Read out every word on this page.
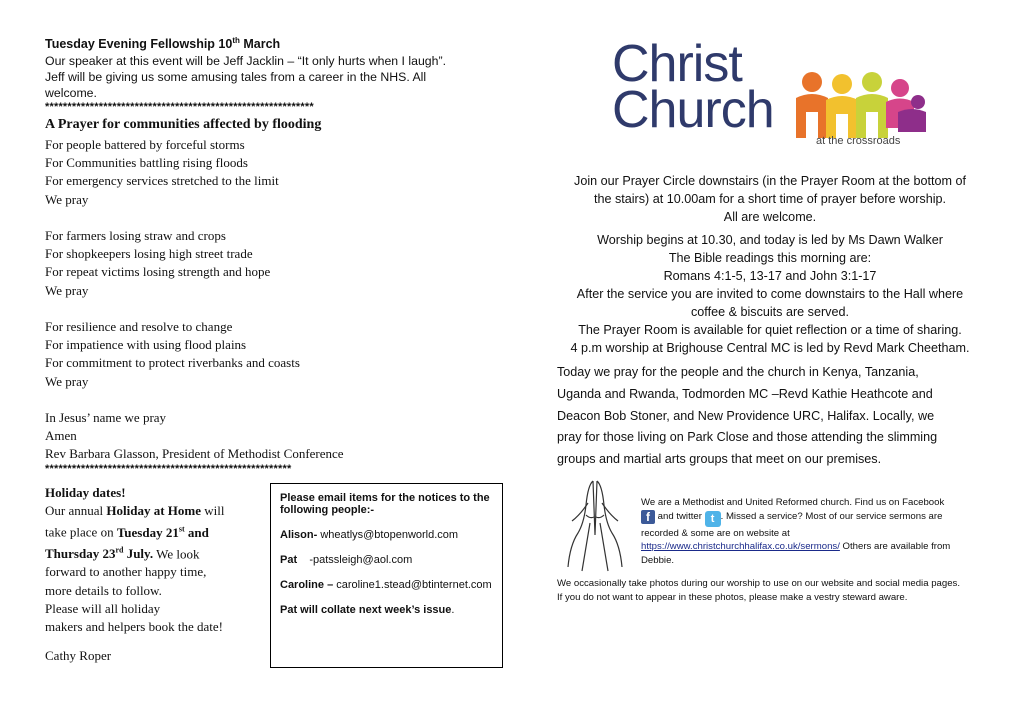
Tuesday Evening Fellowship 10th March
Our speaker at this event will be Jeff Jacklin – “It only hurts when I laugh”.
Jeff will be giving us some amusing tales from a career in the NHS. All
welcome.
************************************************************
A Prayer for communities affected by flooding
For people battered by forceful storms
For Communities battling rising floods
For emergency services stretched to the limit
We pray
For farmers losing straw and crops
For shopkeepers losing high street trade
For repeat victims losing strength and hope
We pray
For resilience and resolve to change
For impatience with using flood plains
For commitment to protect riverbanks and coasts
We pray
In Jesus’ name we pray
Amen
Rev Barbara Glasson, President of Methodist Conference
*******************************************************
Holiday dates!
Our annual Holiday at Home will
take place on Tuesday 21st and
Thursday 23rd July. We look
forward to another happy time,
more details to follow.
Please will all holiday
makers and helpers book the date!
Cathy Roper
Please email items for the notices to the following people:-
Alison- wheatlys@btopenworld.com
Pat    -patssleigh@aol.com
Caroline – caroline1.stead@btinternet.com
Pat will collate next week’s issue.
Christ
Church
at the crossroads
Join our Prayer Circle downstairs (in the Prayer Room at the bottom of
the stairs) at 10.00am for a short time of prayer before worship.
All are welcome.
Worship begins at 10.30, and today is led by Ms Dawn Walker
The Bible readings this morning are:
Romans 4:1-5, 13-17 and John 3:1-17
After the service you are invited to come downstairs to the Hall where
coffee & biscuits are served.
The Prayer Room is available for quiet reflection or a time of sharing.
4 p.m worship at Brighouse Central MC is led by Revd Mark Cheetham.
Today we pray for the people and the church in Kenya, Tanzania,
Uganda and Rwanda, Todmorden MC –Revd Kathie Heathcote and
Deacon Bob Stoner, and New Providence URC, Halifax. Locally, we
pray for those living on Park Close and those attending the slimming
groups and martial arts groups that meet on our premises.
We are a Methodist and United Reformed church. Find us on Facebook
f and twitter t . Missed a service? Most of our service sermons are
recorded & some are on website at
https://www.christchurchhalifax.co.uk/sermons/ Others are available from
Debbie.
We occasionally take photos during our worship to use on our website and social media pages.
If you do not want to appear in these photos, please make a vestry steward aware.
